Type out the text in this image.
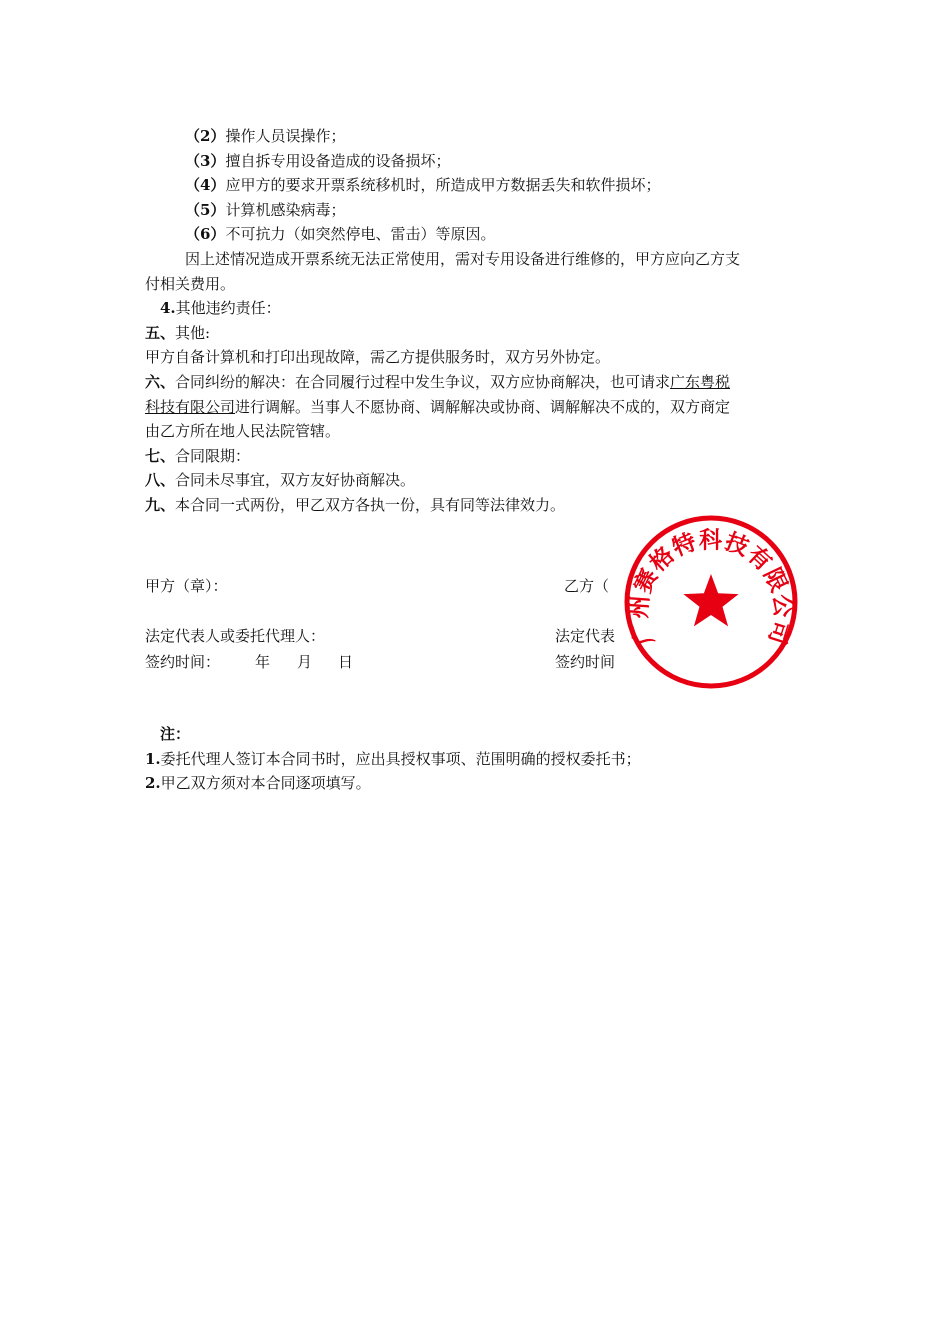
（2）操作人员误操作；
（3）擅自拆专用设备造成的设备损坏；
（4）应甲方的要求开票系统移机时，所造成甲方数据丢失和软件损坏；
（5）计算机感染病毒；
（6）不可抗力（如突然停电、雷击）等原因。
因上述情况造成开票系统无法正常使用，需对专用设备进行维修的，甲方应向乙方支
付相关费用。
4.其他违约责任：
五、其他:
甲方自备计算机和打印出现故障，需乙方提供服务时，双方另外协定。
六、合同纠纷的解决：在合同履行过程中发生争议，双方应协商解决，也可请求广东粤税
科技有限公司进行调解。当事人不愿协商、调解解决或协商、调解解决不成的，双方商定
由乙方所在地人民法院管辖。
七、合同限期：
八、合同未尽事宜，双方友好协商解决。
九、本合同一式两份，甲乙双方各执一份，具有同等法律效力。
甲方（章）：	乙方（
法定代表人或委托代理人：	法定代表
签约时间： 年 月 日	签约时间
广州赛格特科技有限公司
注：
1.委托代理人签订本合同书时，应出具授权事项、范围明确的授权委托书；
2.甲乙双方须对本合同逐项填写。
